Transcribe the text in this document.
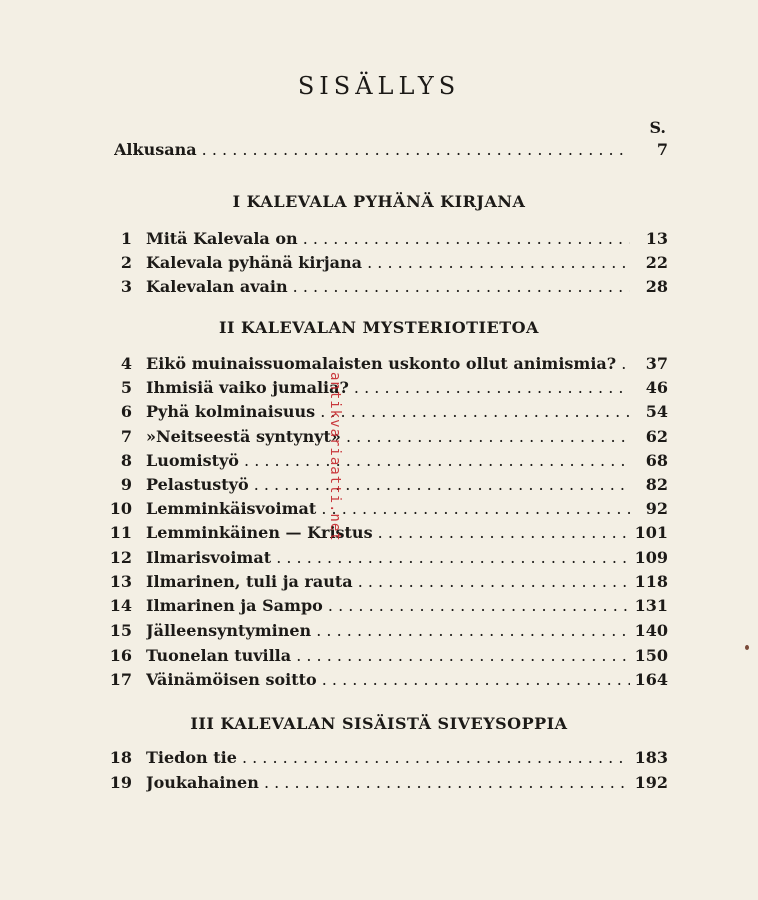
SISÄLLYS
S.
Alkusana . . .	7
I KALEVALA PYHÄNÄ KIRJANA
1 Mitä Kalevala on . . .	13
2 Kalevala pyhänä kirjana . . .	22
3 Kalevalan avain . . .	28
II KALEVALAN MYSTERIOTIETOA
4 Eikö muinaissuomalaisten uskonto ollut animismia? . . .	37
5 Ihmisiä vaiko jumalia? . . .	46
6 Pyhä kolminaisuus . . .	54
7 »Neitseestä syntynyt» . . .	62
8 Luomistyö . . .	68
9 Pelastustyö . . .	82
10 Lemminkäisvoimat . . .	92
11 Lemminkäinen — Kristus . . .	101
12 Ilmarisvoimat . . .	109
13 Ilmarinen, tuli ja rauta . . .	118
14 Ilmarinen ja Sampo . . .	131
15 Jälleensyntyminen . . .	140
16 Tuonelan tuvilla . . .	150
17 Väinämöisen soitto . . .	164
III KALEVALAN SISÄISTÄ SIVEYSOPPIA
18 Tiedon tie . . .	183
19 Joukahainen . . .	192
antikvariaatti.net
